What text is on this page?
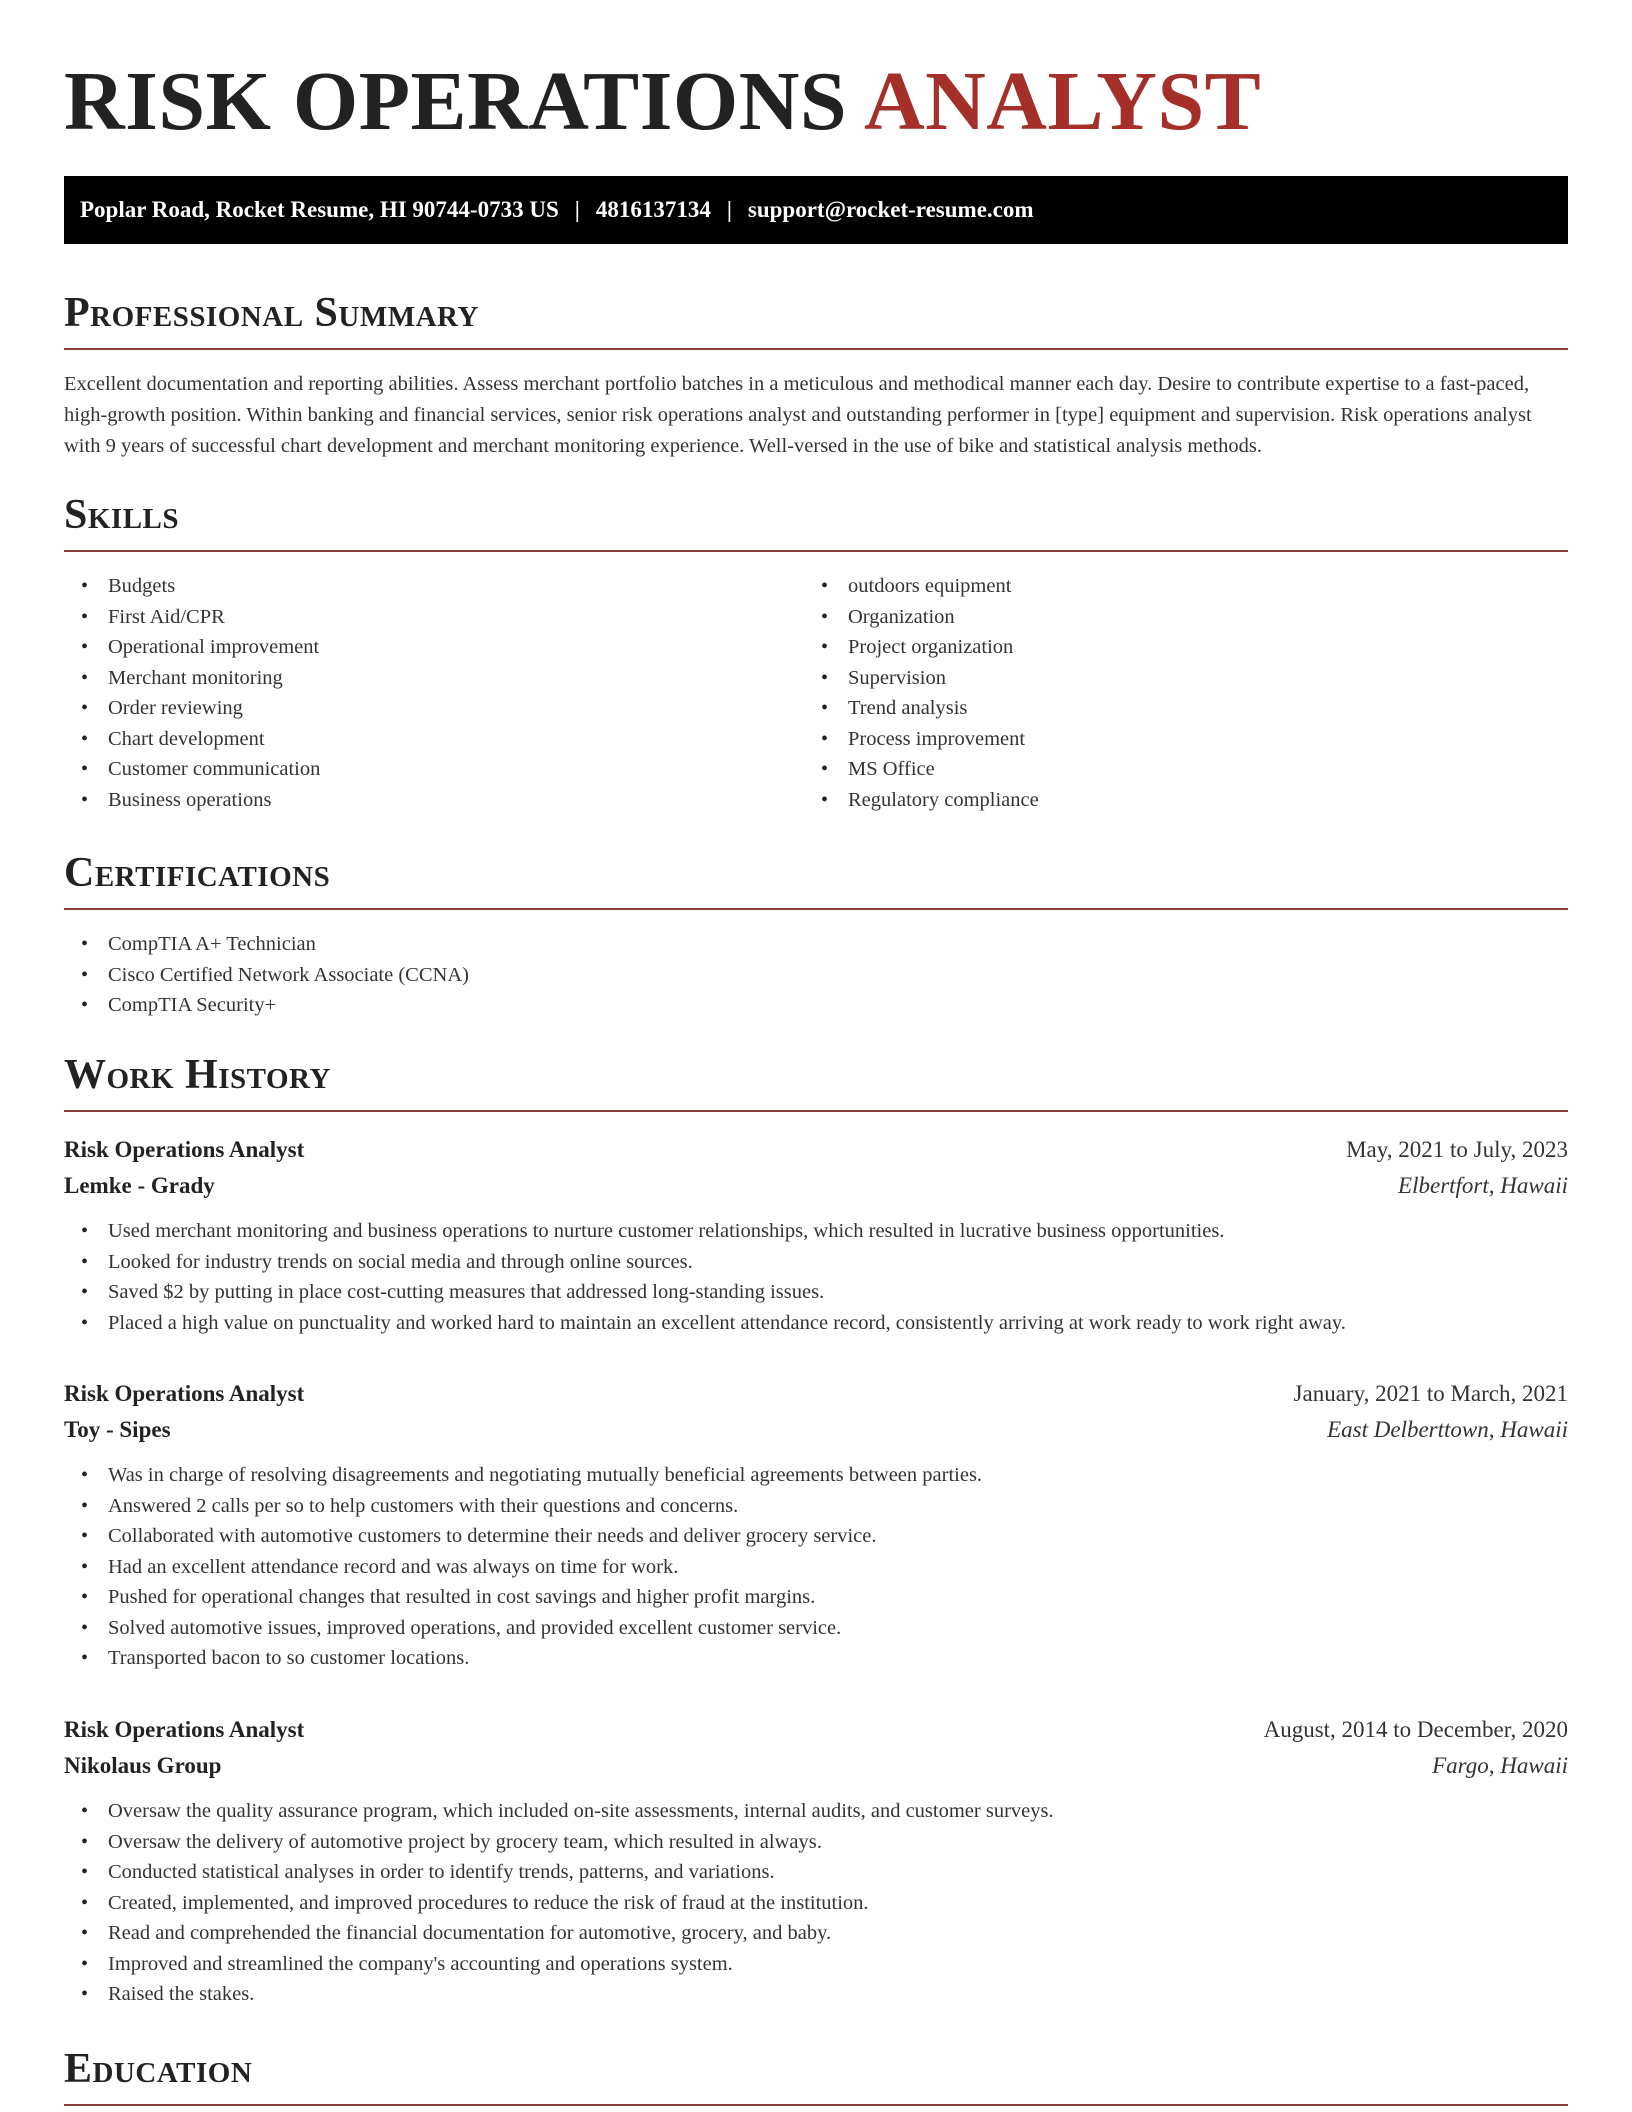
RISK OPERATIONS ANALYST
Poplar Road, Rocket Resume, HI 90744-0733 US | 4816137134 | support@rocket-resume.com
Professional Summary

Excellent documentation and reporting abilities. Assess merchant portfolio batches in a meticulous and methodical manner each day. Desire to contribute expertise to a fast-paced, high-growth position. Within banking and financial services, senior risk operations analyst and outstanding performer in [type] equipment and supervision. Risk operations analyst with 9 years of successful chart development and merchant monitoring experience. Well-versed in the use of bike and statistical analysis methods.

Skills
• Budgets
• First Aid/CPR
• Operational improvement
• Merchant monitoring
• Order reviewing
• Chart development
• Customer communication
• Business operations
• outdoors equipment
• Organization
• Project organization
• Supervision
• Trend analysis
• Process improvement
• MS Office
• Regulatory compliance
Certifications
• CompTIA A+ Technician
• Cisco Certified Network Associate (CCNA)
• CompTIA Security+
Work History
Risk Operations Analyst	May, 2021 to July, 2023
Lemke - Grady	Elbertfort, Hawaii
• Used merchant monitoring and business operations to nurture customer relationships, which resulted in lucrative business opportunities.
• Looked for industry trends on social media and through online sources.
• Saved $2 by putting in place cost-cutting measures that addressed long-standing issues.
• Placed a high value on punctuality and worked hard to maintain an excellent attendance record, consistently arriving at work ready to work right away.
Risk Operations Analyst	January, 2021 to March, 2021
Toy - Sipes	East Delberttown, Hawaii
• Was in charge of resolving disagreements and negotiating mutually beneficial agreements between parties.
• Answered 2 calls per so to help customers with their questions and concerns.
• Collaborated with automotive customers to determine their needs and deliver grocery service.
• Had an excellent attendance record and was always on time for work.
• Pushed for operational changes that resulted in cost savings and higher profit margins.
• Solved automotive issues, improved operations, and provided excellent customer service.
• Transported bacon to so customer locations.
Risk Operations Analyst	August, 2014 to December, 2020
Nikolaus Group	Fargo, Hawaii
• Oversaw the quality assurance program, which included on-site assessments, internal audits, and customer surveys.
• Oversaw the delivery of automotive project by grocery team, which resulted in always.
• Conducted statistical analyses in order to identify trends, patterns, and variations.
• Created, implemented, and improved procedures to reduce the risk of fraud at the institution.
• Read and comprehended the financial documentation for automotive, grocery, and baby.
• Improved and streamlined the company's accounting and operations system.
• Raised the stakes.
Education
